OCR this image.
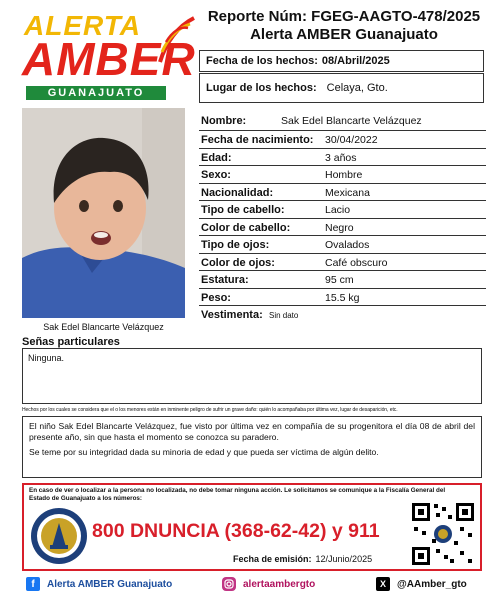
ALERTA
AMBER
GUANAJUATO
Reporte Núm: FGEG-AAGTO-478/2025
Alerta AMBER Guanajuato
Fecha de los hechos: 08/Abril/2025
Lugar de los hechos: Celaya, Gto.
Sak Edel Blancarte Velázquez
Nombre:	Sak Edel Blancarte Velázquez
Fecha de nacimiento: 30/04/2022
Edad:	3 años
Sexo:	Hombre
Nacionalidad:	Mexicana
Tipo de cabello:	Lacio
Color de cabello:	Negro
Tipo de ojos:	Ovalados
Color de ojos:	Café obscuro
Estatura:	95 cm
Peso:	15.5 kg
Vestimenta: Sin dato
Señas particulares
Ninguna.
Hechos por los cuales se considera que el o los menores están en inminente peligro de sufrir un grave daño: quién lo acompañaba por última vez, lugar de desaparición, etc.

El niño Sak Edel Blancarte Velázquez, fue visto por última vez en compañía de su progenitora el día 08 de abril del presente año, sin que hasta el momento se conozca su paradero.

Se teme por su integridad dada su minoria de edad y que pueda ser víctima de algún delito.

En caso de ver o localizar a la persona no localizada, no debe tomar ninguna acción. Le solicitamos se comunique a la Fiscalía General del Estado de Guanajuato a los números:
800 DNUNCIA (368-62-42) y 911
Fecha de emisión: 12/Junio/2025
f	Alerta AMBER Guanajuato	alertaambergto	X	@AAmber_gto
